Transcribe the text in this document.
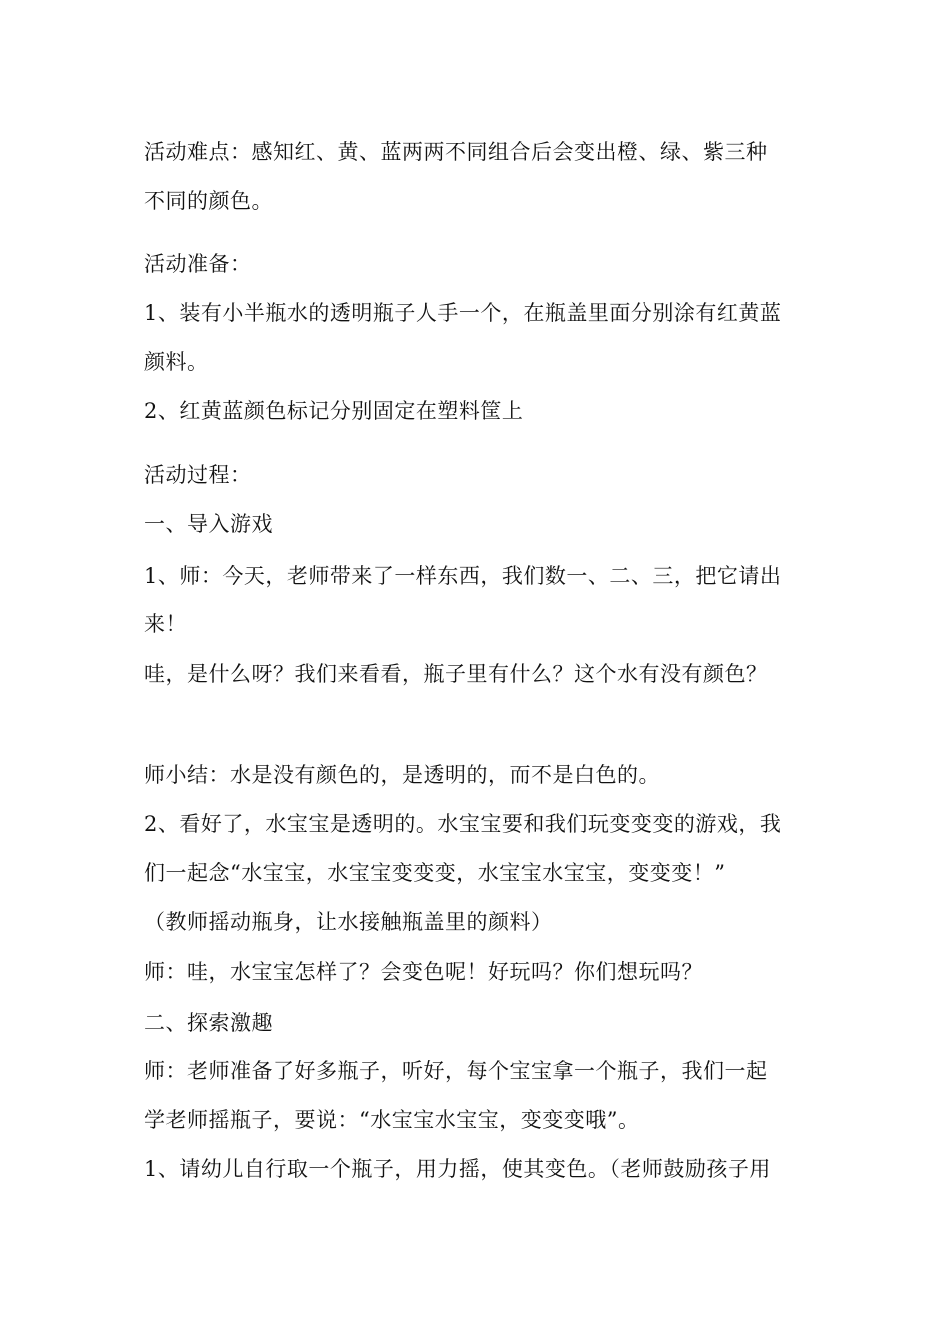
活动难点：感知红、黄、蓝两两不同组合后会变出橙、绿、紫三种
不同的颜色。
活动准备：
1、装有小半瓶水的透明瓶子人手一个，在瓶盖里面分别涂有红黄蓝
颜料。
2、红黄蓝颜色标记分别固定在塑料筐上
活动过程：
一、导入游戏
1、师：今天，老师带来了一样东西，我们数一、二、三，把它请出
来！
哇，是什么呀？我们来看看，瓶子里有什么？这个水有没有颜色？
师小结：水是没有颜色的，是透明的，而不是白色的。
2、看好了，水宝宝是透明的。水宝宝要和我们玩变变变的游戏，我
们一起念“水宝宝，水宝宝变变变，水宝宝水宝宝，变变变！”
（教师摇动瓶身，让水接触瓶盖里的颜料）
师：哇，水宝宝怎样了？会变色呢！好玩吗？你们想玩吗？
二、探索激趣
师：老师准备了好多瓶子，听好，每个宝宝拿一个瓶子，我们一起
学老师摇瓶子，要说：“水宝宝水宝宝，变变变哦”。
1、请幼儿自行取一个瓶子，用力摇，使其变色。（老师鼓励孩子用
